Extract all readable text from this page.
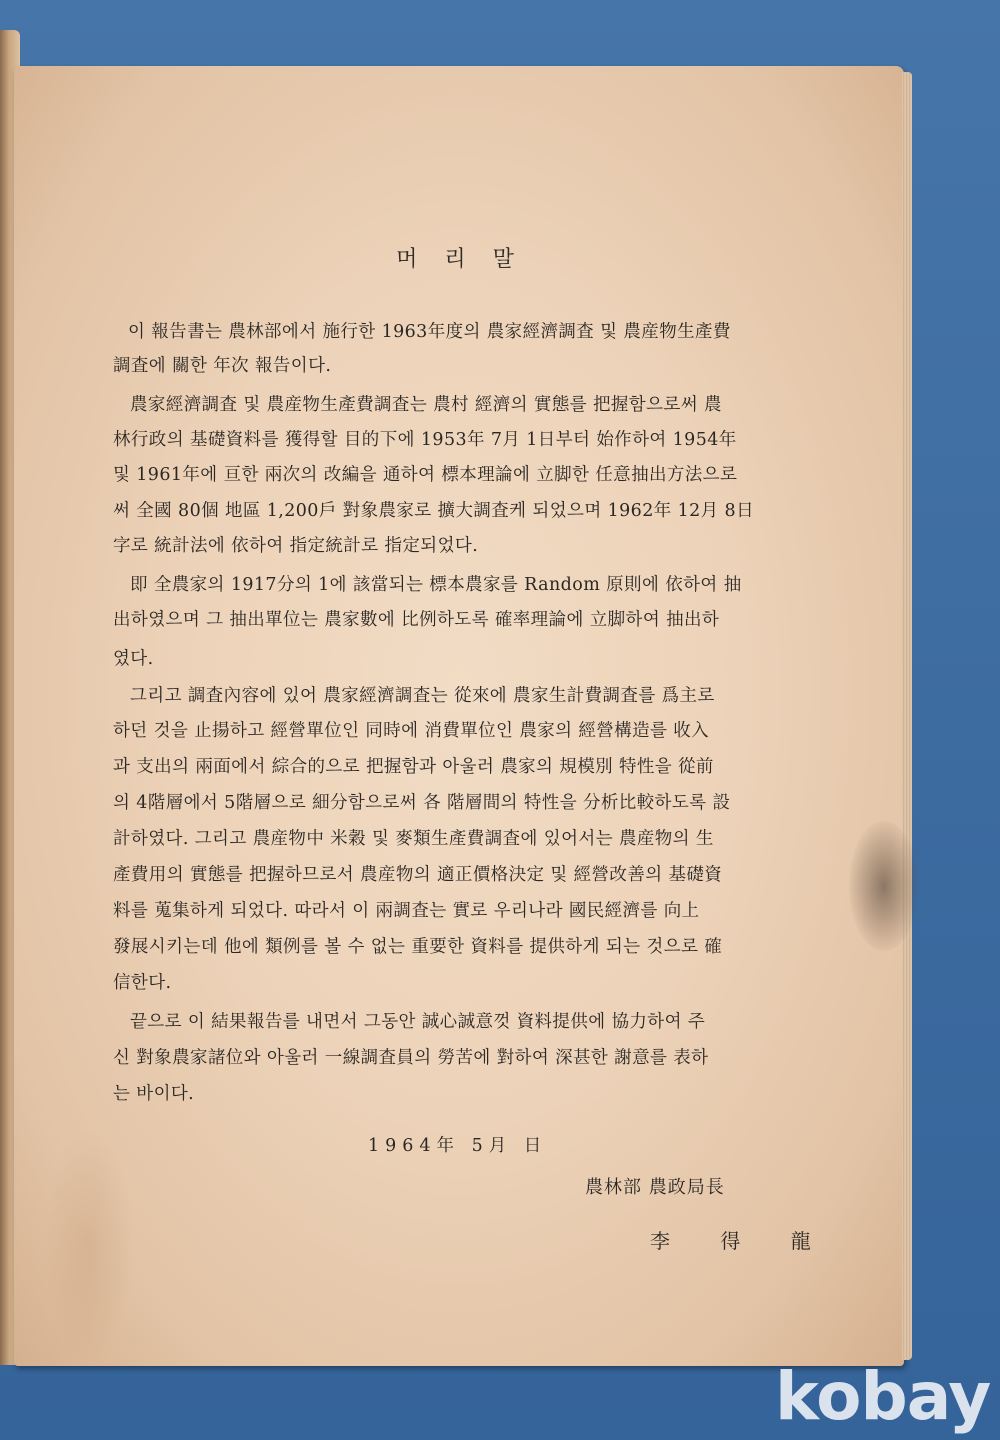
머 리 말
이 報告書는 農林部에서 施行한 1963年度의 農家經濟調査 및 農産物生產費
調査에 關한 年次 報告이다.
農家經濟調査 및 農産物生產費調査는 農村 經濟의 實態를 把握함으로써 農
林行政의 基礎資料를 獲得할 目的下에 1953年 7月 1日부터 始作하여 1954年
및 1961年에 亘한 兩次의 改編을 通하여 標本理論에 立脚한 任意抽出方法으로
써 全國 80個 地區 1,200戶 對象農家로 擴大調査케 되었으며 1962年 12月 8日
字로 統計法에 依하여 指定統計로 指定되었다.
即 全農家의 1917分의 1에 該當되는 標本農家를 Random 原則에 依하여 抽
出하였으며 그 抽出單位는 農家數에 比例하도록 確率理論에 立脚하여 抽出하
였다.
그리고 調査內容에 있어 農家經濟調査는 從來에 農家生計費調査를 爲主로
하던 것을 止揚하고 經營單位인 同時에 消費單位인 農家의 經營構造를 收入
과 支出의 兩面에서 綜合的으로 把握함과 아울러 農家의 規模別 特性을 從前
의 4階層에서 5階層으로 細分함으로써 各 階層間의 特性을 分析比較하도록 設
計하였다. 그리고 農産物中 米穀 및 麥類生產費調査에 있어서는 農産物의 生
產費用의 實態를 把握하므로서 農産物의 適正價格決定 및 經營改善의 基礎資
料를 蒐集하게 되었다. 따라서 이 兩調査는 實로 우리나라 國民經濟를 向上
發展시키는데 他에 類例를 볼 수 없는 重要한 資料를 提供하게 되는 것으로 確
信한다.
끝으로 이 結果報告를 내면서 그동안 誠心誠意껏 資料提供에 協力하여 주
신 對象農家諸位와 아울러 一線調査員의 勞苦에 對하여 深甚한 謝意를 表하
는 바이다.
1964年 5月 日
農林部 農政局長
李 得 龍
kobay
